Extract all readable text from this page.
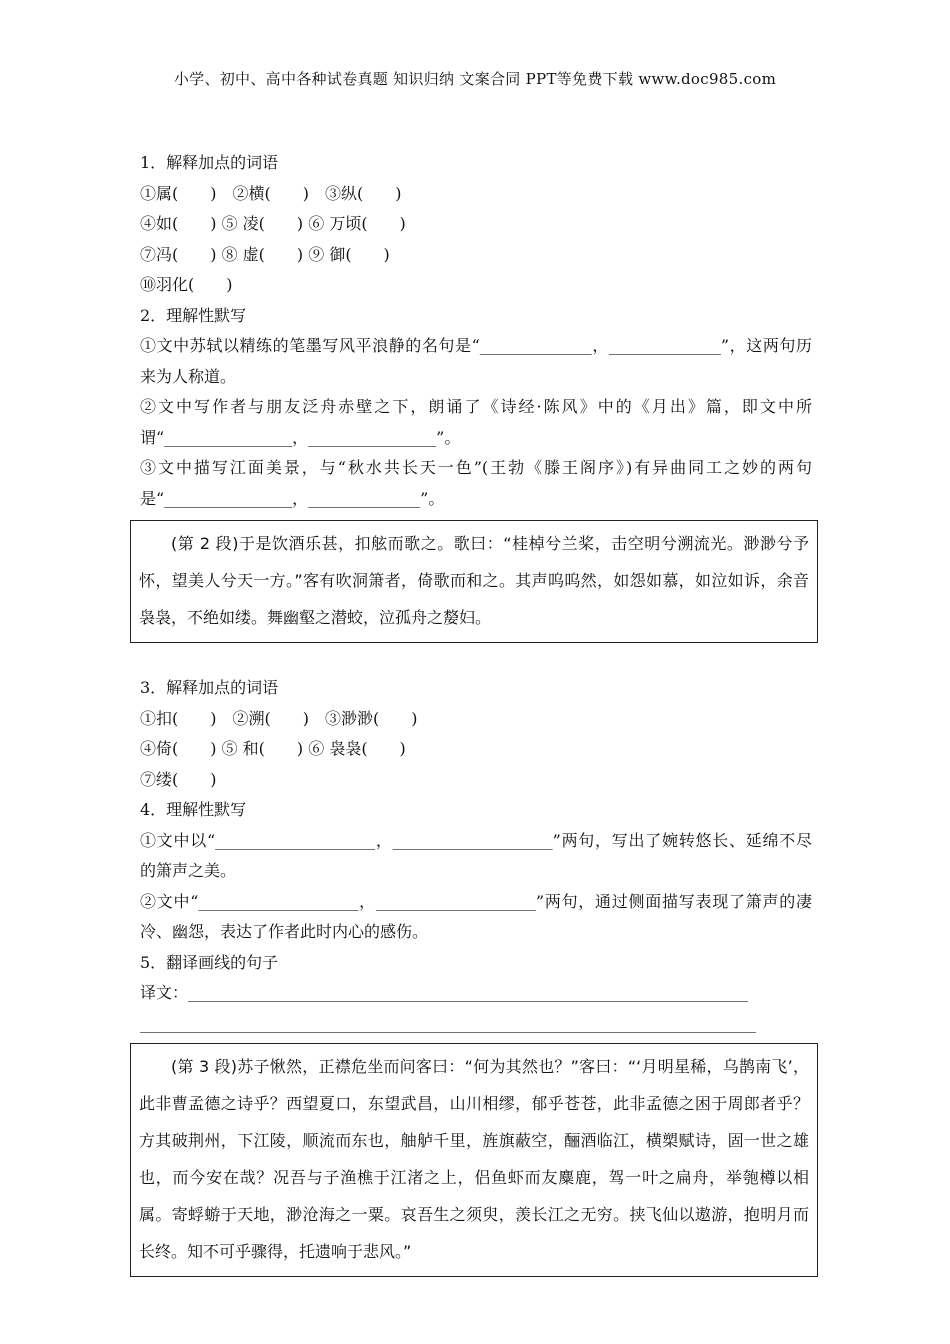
小学、初中、高中各种试卷真题 知识归纳 文案合同 PPT等免费下载 www.doc985.com
1．解释加点的词语
①属(　　)　②横(　　)　③纵(　　)
④如(　　) ⑤ 凌(　　) ⑥ 万顷(　　)
⑦冯(　　) ⑧ 虚(　　) ⑨ 御(　　)
⑩羽化(　　)
2．理解性默写
①文中苏轼以精练的笔墨写风平浪静的名句是“______________，______________”，这两句历来为人称道。
②文中写作者与朋友泛舟赤壁之下，朗诵了《诗经·陈风》中的《月出》篇，即文中所谓“________________，________________”。
③文中描写江面美景，与“秋水共长天一色”(王勃《滕王阁序》)有异曲同工之妙的两句是“________________，______________”。
(第 2 段)于是饮酒乐甚，扣舷而歌之。歌曰：“桂棹兮兰桨，击空明兮溯流光。渺渺兮予怀，望美人兮天一方。”客有吹洞箫者，倚歌而和之。其声呜呜然，如怨如慕，如泣如诉，余音袅袅，不绝如缕。舞幽壑之潜蛟，泣孤舟之嫠妇。
3．解释加点的词语
①扣(　　)　②溯(　　)　③渺渺(　　)
④倚(　　) ⑤ 和(　　) ⑥ 袅袅(　　)
⑦缕(　　)
4．理解性默写
①文中以“____________________，____________________”两句，写出了婉转悠长、延绵不尽的箫声之美。
②文中“____________________，____________________”两句，通过侧面描写表现了箫声的凄冷、幽怨，表达了作者此时内心的感伤。
5．翻译画线的句子
译文：______________________________________________________________________
_____________________________________________________________________________
(第 3 段)苏子愀然，正襟危坐而问客曰：“何为其然也？”客曰：“‘月明星稀，乌鹊南飞’，此非曹孟德之诗乎？西望夏口，东望武昌，山川相缪，郁乎苍苍，此非孟德之困于周郎者乎？方其破荆州，下江陵，顺流而东也，舳舻千里，旌旗蔽空，酾酒临江，横槊赋诗，固一世之雄也，而今安在哉？况吾与子渔樵于江渚之上，侣鱼虾而友麋鹿，驾一叶之扁舟，举匏樽以相属。寄蜉蝣于天地，渺沧海之一粟。哀吾生之须臾，羡长江之无穷。挟飞仙以遨游，抱明月而长终。知不可乎骤得，托遗响于悲风。”
